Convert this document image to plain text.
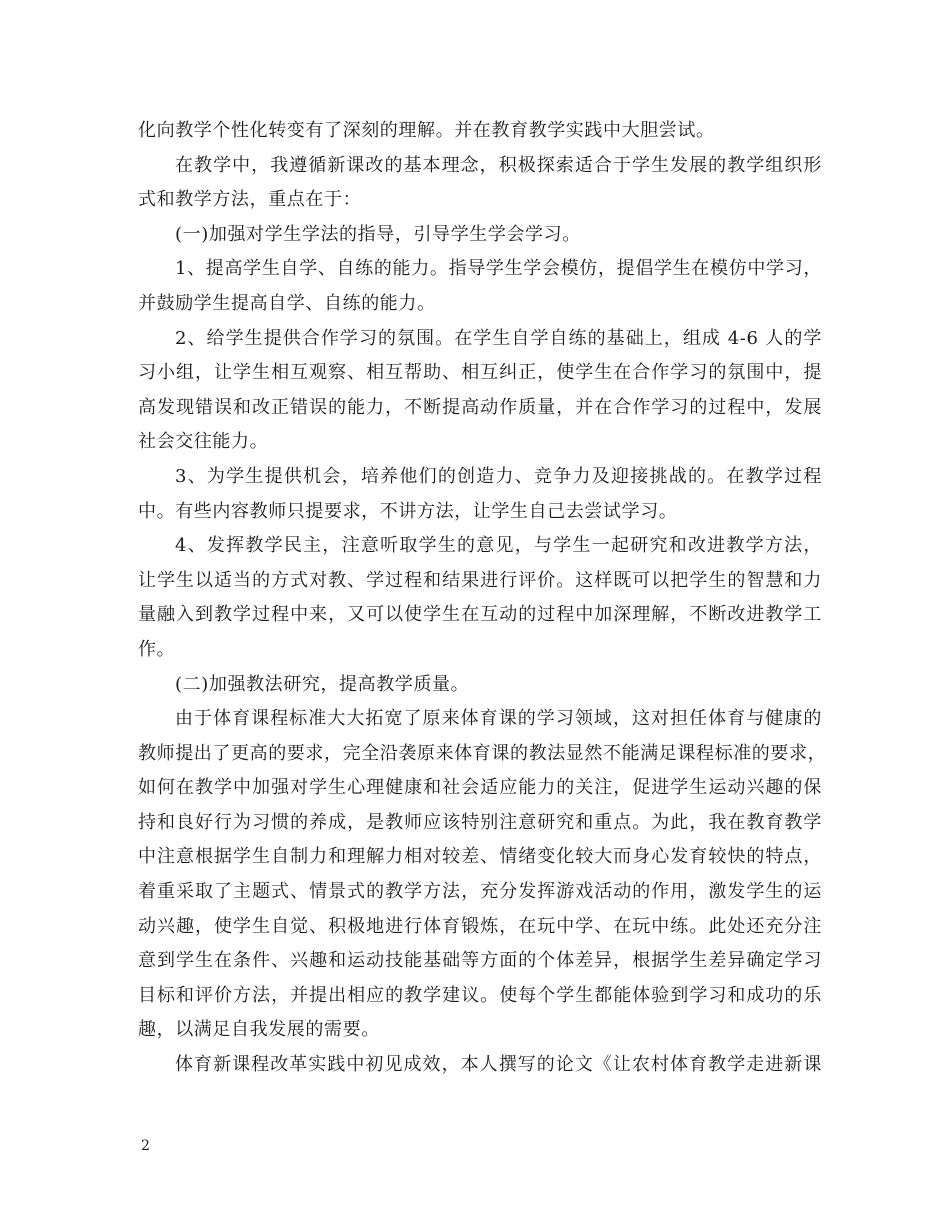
化向教学个性化转变有了深刻的理解。并在教育教学实践中大胆尝试。
在教学中，我遵循新课改的基本理念，积极探索适合于学生发展的教学组织形
式和教学方法，重点在于：
(一)加强对学生学法的指导，引导学生学会学习。
1、提高学生自学、自练的能力。指导学生学会模仿，提倡学生在模仿中学习，
并鼓励学生提高自学、自练的能力。
2、给学生提供合作学习的氛围。在学生自学自练的基础上，组成 4-6 人的学
习小组，让学生相互观察、相互帮助、相互纠正，使学生在合作学习的氛围中，提
高发现错误和改正错误的能力，不断提高动作质量，并在合作学习的过程中，发展
社会交往能力。
3、为学生提供机会，培养他们的创造力、竞争力及迎接挑战的。在教学过程
中。有些内容教师只提要求，不讲方法，让学生自己去尝试学习。
4、发挥教学民主，注意听取学生的意见，与学生一起研究和改进教学方法，
让学生以适当的方式对教、学过程和结果进行评价。这样既可以把学生的智慧和力
量融入到教学过程中来，又可以使学生在互动的过程中加深理解，不断改进教学工
作。
(二)加强教法研究，提高教学质量。
由于体育课程标准大大拓宽了原来体育课的学习领域，这对担任体育与健康的
教师提出了更高的要求，完全沿袭原来体育课的教法显然不能满足课程标准的要求，
如何在教学中加强对学生心理健康和社会适应能力的关注，促进学生运动兴趣的保
持和良好行为习惯的养成，是教师应该特别注意研究和重点。为此，我在教育教学
中注意根据学生自制力和理解力相对较差、情绪变化较大而身心发育较快的特点，
着重采取了主题式、情景式的教学方法，充分发挥游戏活动的作用，激发学生的运
动兴趣，使学生自觉、积极地进行体育锻炼，在玩中学、在玩中练。此处还充分注
意到学生在条件、兴趣和运动技能基础等方面的个体差异，根据学生差异确定学习
目标和评价方法，并提出相应的教学建议。使每个学生都能体验到学习和成功的乐
趣，以满足自我发展的需要。
体育新课程改革实践中初见成效，本人撰写的论文《让农村体育教学走进新课
2
